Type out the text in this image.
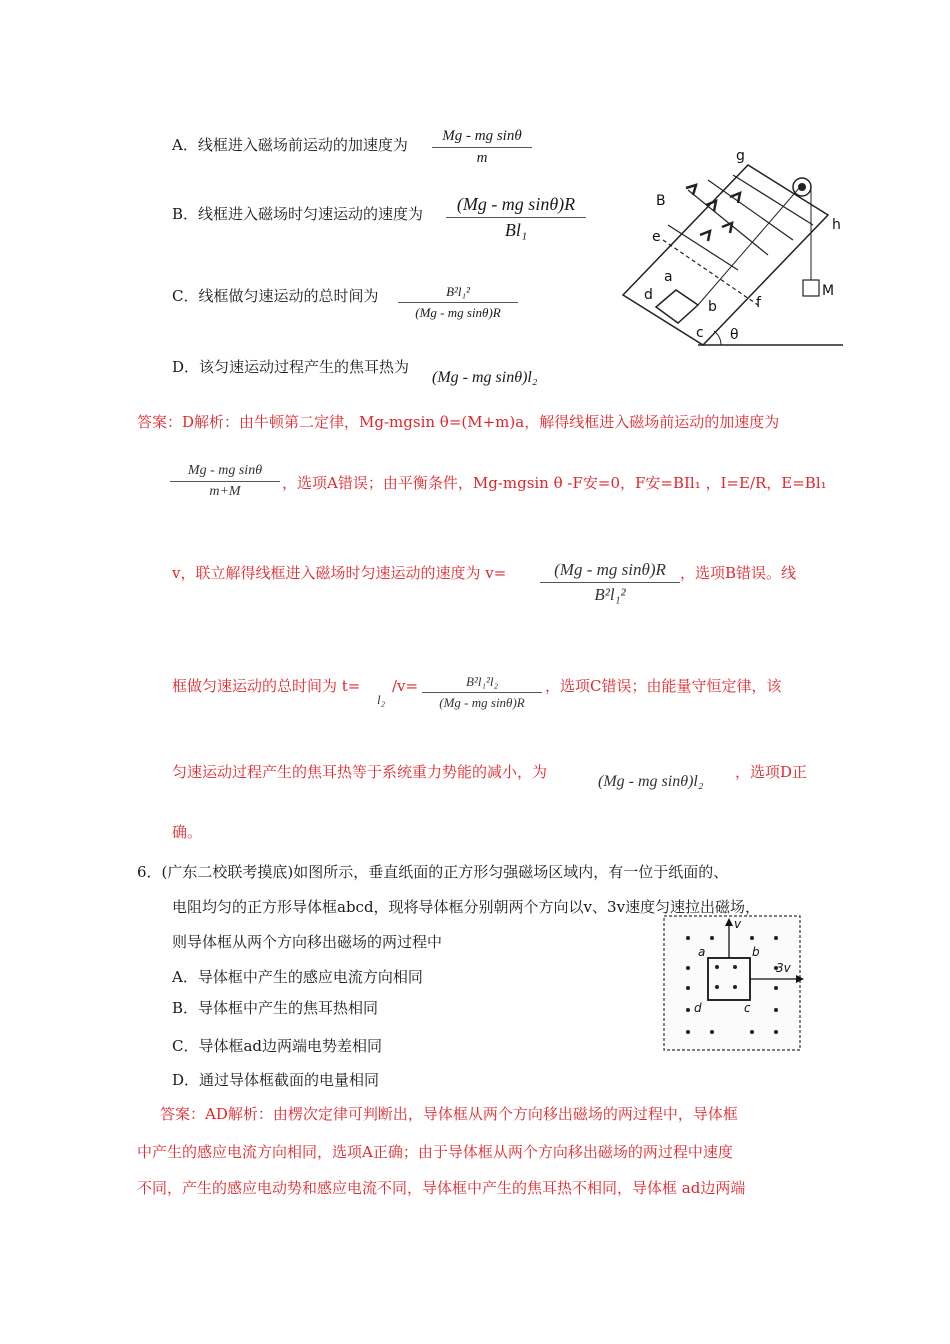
A．线框进入磁场前运动的加速度为	Mg - mg sinθ
m
B．线框进入磁场时匀速运动的速度为	(Mg - mg sinθ)R
Bl₁
C．线框做匀速运动的总时间为	B²l₁²
(Mg - mg sinθ)R
D．该匀速运动过程产生的焦耳热为
(Mg - mg sinθ)l₂
g
h
B
e
a
d
b
c
f
M
θ
答案：D解析：由牛顿第二定律，Mg-mgsin θ=(M+m)a，解得线框进入磁场前运动的加速度为
Mg - mg sinθ
m+M	，选项A错误；由平衡条件，Mg-mgsin θ -F安=0，F安=BIl₁ ，I=E/R，E=Bl₁
v，联立解得线框进入磁场时匀速运动的速度为 v=	(Mg - mg sinθ)R
B²l₁²
，选项B错误。线
框做匀速运动的总时间为 t=
l₂
/v=	B²l₁²l₂
(Mg - mg sinθ)R
，选项C错误；由能量守恒定律，该
匀速运动过程产生的焦耳热等于系统重力势能的减小，为
(Mg - mg sinθ)l₂
，选项D正
确。
6．(广东二校联考摸底)如图所示，垂直纸面的正方形匀强磁场区域内，有一位于纸面的、
电阻均匀的正方形导体框abcd，现将导体框分别朝两个方向以v、3v速度匀速拉出磁场，
则导体框从两个方向移出磁场的两过程中
A．导体框中产生的感应电流方向相同
B．导体框中产生的焦耳热相同
C．导体框ad边两端电势差相同
D．通过导体框截面的电量相同
v
3v
a	b
d	c
答案：AD解析：由楞次定律可判断出，导体框从两个方向移出磁场的两过程中，导体框
中产生的感应电流方向相同，选项A正确；由于导体框从两个方向移出磁场的两过程中速度
不同，产生的感应电动势和感应电流不同，导体框中产生的焦耳热不相同，导体框 ad边两端
